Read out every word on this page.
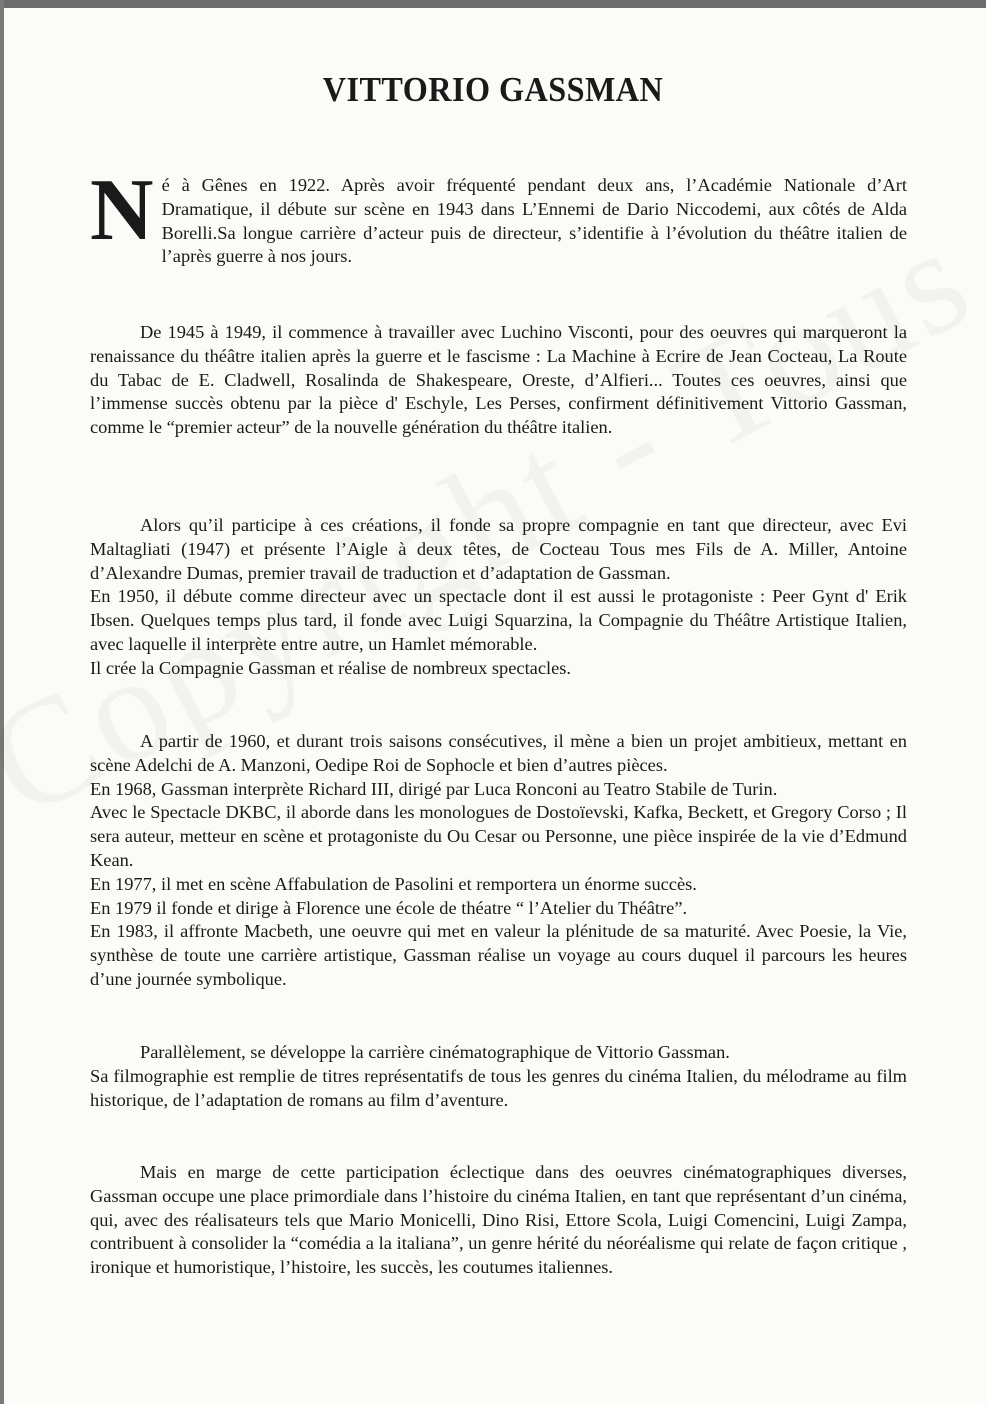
VITTORIO GASSMAN

N é à Gênes en 1922. Après avoir fréquenté pendant deux ans, l’Académie Nationale d’Art Dramatique, il débute sur scène en 1943 dans L’Ennemi de Dario Niccodemi, aux côtés de Alda Borelli.Sa longue carrière d’acteur puis de directeur, s’identifie à l’évolution du théâtre italien de l’après guerre à nos jours.

De 1945 à 1949, il commence à travailler avec Luchino Visconti, pour des oeuvres qui marqueront la renaissance du théâtre italien après la guerre et le fascisme : La Machine à Ecrire de Jean Cocteau, La Route du Tabac de E. Cladwell, Rosalinda de Shakespeare, Oreste, d’Alfieri... Toutes ces oeuvres, ainsi que l’immense succès obtenu par la pièce d' Eschyle, Les Perses, confirment définitivement Vittorio Gassman, comme le “premier acteur” de la nouvelle génération du théâtre italien.

Alors qu’il participe à ces créations, il fonde sa propre compagnie en tant que directeur, avec Evi Maltagliati (1947) et présente l’Aigle à deux têtes, de Cocteau Tous mes Fils de A. Miller, Antoine d’Alexandre Dumas, premier travail de traduction et d’adaptation de Gassman.
En 1950, il débute comme directeur avec un spectacle dont il est aussi le protagoniste : Peer Gynt d' Erik Ibsen. Quelques temps plus tard, il fonde avec Luigi Squarzina, la Compagnie du Théâtre Artistique Italien, avec laquelle il interprète entre autre, un Hamlet mémorable.
Il crée la Compagnie Gassman et réalise de nombreux spectacles.

A partir de 1960, et durant trois saisons consécutives, il mène a bien un projet ambitieux, mettant en scène Adelchi de A. Manzoni, Oedipe Roi de Sophocle et bien d’autres pièces.
En 1968, Gassman interprète Richard III, dirigé par Luca Ronconi au Teatro Stabile de Turin.
Avec le Spectacle DKBC, il aborde dans les monologues de Dostoïevski, Kafka, Beckett, et Gregory Corso ; Il sera auteur, metteur en scène et protagoniste du Ou Cesar ou Personne, une pièce inspirée de la vie d’Edmund Kean.
En 1977, il met en scène Affabulation de Pasolini et remportera un énorme succès.
En 1979 il fonde et dirige à Florence une école de théatre “ l’Atelier du Théâtre”.
En 1983, il affronte Macbeth, une oeuvre qui met en valeur la plénitude de sa maturité. Avec Poesie, la Vie, synthèse de toute une carrière artistique, Gassman réalise un voyage au cours duquel il parcours les heures d’une journée symbolique.

Parallèlement, se développe la carrière cinématographique de Vittorio Gassman.
Sa filmographie est remplie de titres représentatifs de tous les genres du cinéma Italien, du mélodrame au film historique, de l’adaptation de romans au film d’aventure.

Mais en marge de cette participation éclectique dans des oeuvres cinématographiques diverses, Gassman occupe une place primordiale dans l’histoire du cinéma Italien, en tant que représentant d’un cinéma, qui, avec des réalisateurs tels que Mario Monicelli, Dino Risi, Ettore Scola, Luigi Comencini, Luigi Zampa, contribuent à consolider la “comédia a la italiana”, un genre hérité du néoréalisme qui relate de façon critique , ironique et humoristique, l’histoire, les succès, les coutumes italiennes.
